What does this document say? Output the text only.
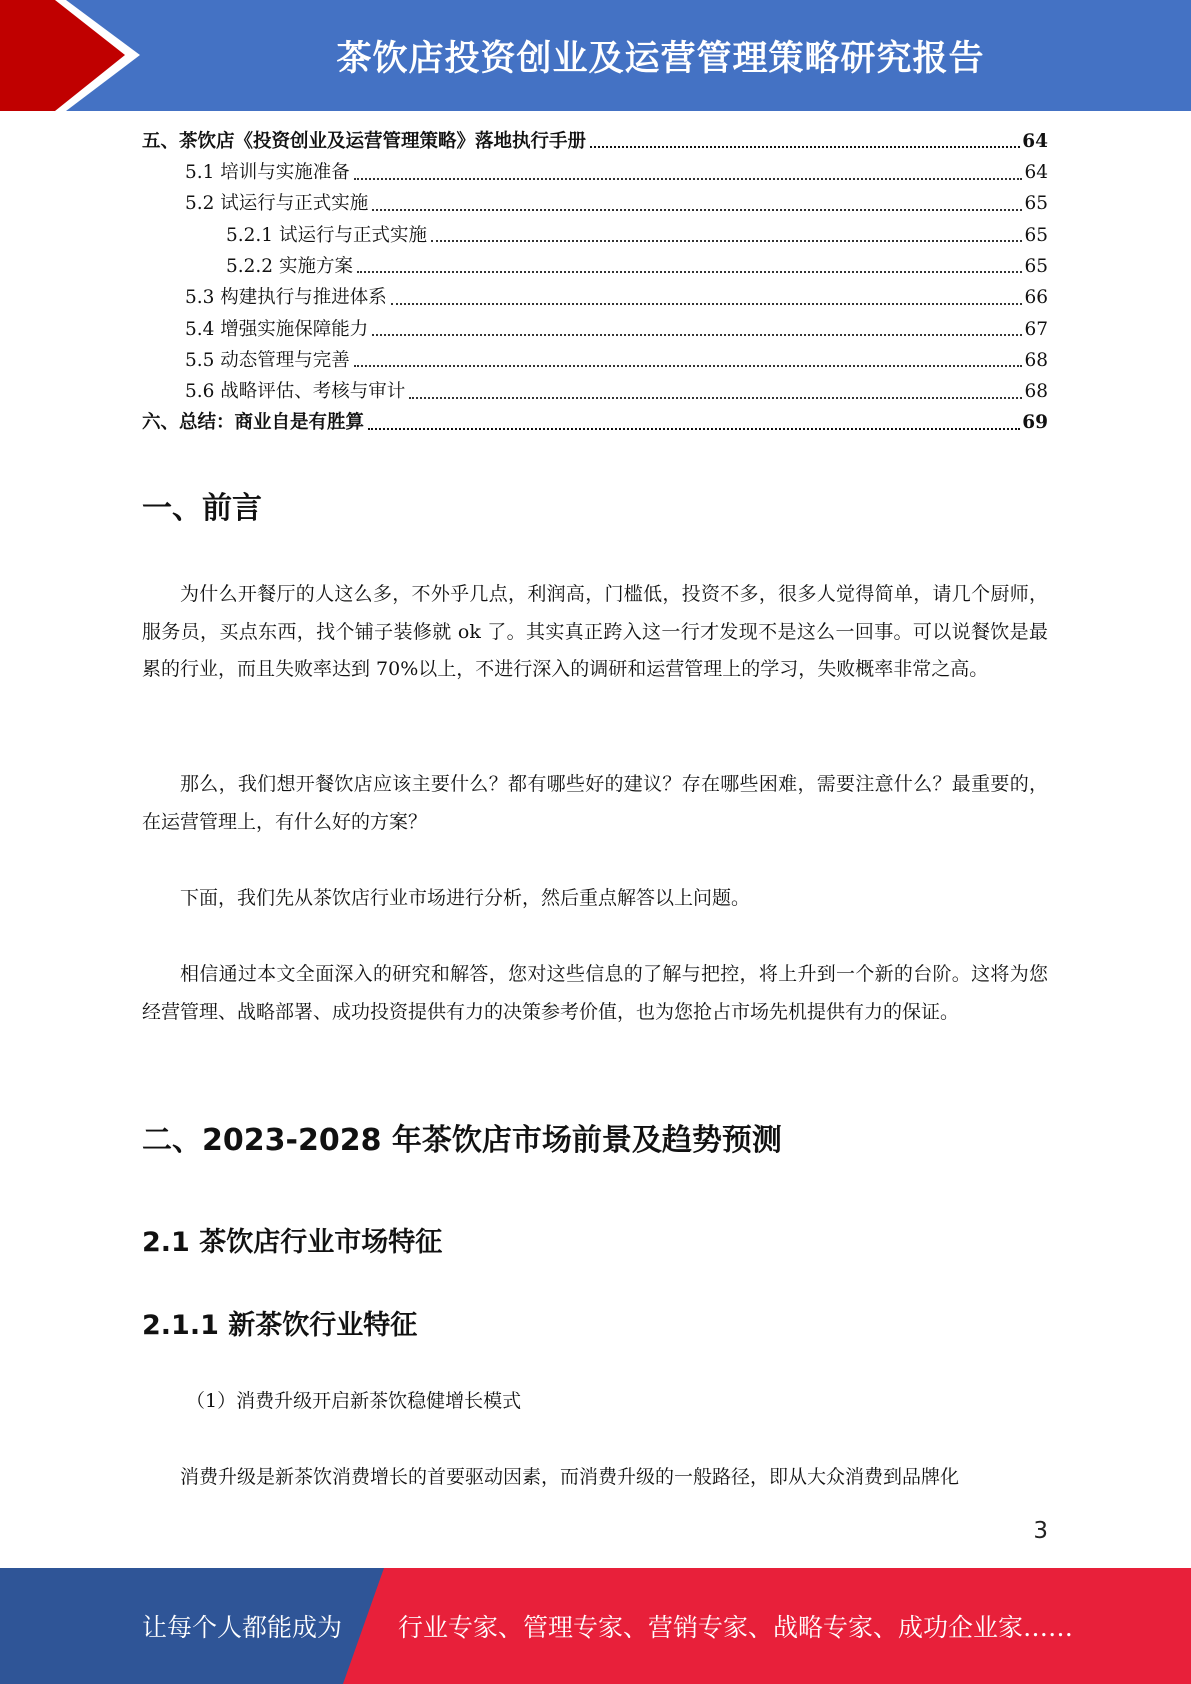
茶饮店投资创业及运营管理策略研究报告
五、茶饮店《投资创业及运营管理策略》落地执行手册	64
5.1 培训与实施准备	64
5.2 试运行与正式实施	65
5.2.1 试运行与正式实施	65
5.2.2 实施方案	65
5.3 构建执行与推进体系	66
5.4 增强实施保障能力	67
5.5 动态管理与完善	68
5.6 战略评估、考核与审计	68
六、总结：商业自是有胜算	69
一、前言

为什么开餐厅的人这么多，不外乎几点，利润高，门槛低，投资不多，很多人觉得简单，请几个厨师，服务员，买点东西，找个铺子装修就 ok 了。其实真正跨入这一行才发现不是这么一回事。可以说餐饮是最累的行业，而且失败率达到 70%以上，不进行深入的调研和运营管理上的学习，失败概率非常之高。

那么，我们想开餐饮店应该主要什么？都有哪些好的建议？存在哪些困难，需要注意什么？最重要的，在运营管理上，有什么好的方案？

下面，我们先从茶饮店行业市场进行分析，然后重点解答以上问题。

相信通过本文全面深入的研究和解答，您对这些信息的了解与把控，将上升到一个新的台阶。这将为您经营管理、战略部署、成功投资提供有力的决策参考价值，也为您抢占市场先机提供有力的保证。

二、2023-2028 年茶饮店市场前景及趋势预测
2.1 茶饮店行业市场特征
2.1.1 新茶饮行业特征

（1）消费升级开启新茶饮稳健增长模式

消费升级是新茶饮消费增长的首要驱动因素，而消费升级的一般路径，即从大众消费到品牌化

3
让每个人都能成为 行业专家、管理专家、营销专家、战略专家、成功企业家……
